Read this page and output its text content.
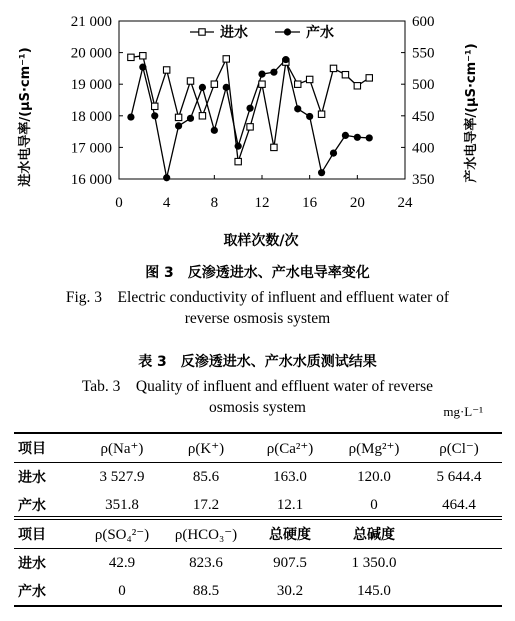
0	4	8 12 16 20 24
16 000
17 000
18 000
19 000
20 000
21 000
350
400
450
500
550
600
进水	产水
取样次数/次
进水电导率/(μS·cm⁻¹)	产水电导率/(μS·cm⁻¹)
图 3　反渗透进水、产水电导率变化
Fig. 3　Electric conductivity of influent and effluent water of
reverse osmosis system
表 3　反渗透进水、产水水质测试结果
Tab. 3　Quality of influent and effluent water of reverse
osmosis system	mg·L⁻¹
项目	ρ(Na⁺)	ρ(K⁺)	ρ(Ca²⁺)	ρ(Mg²⁺)	ρ(Cl⁻)
进水	3 527.9	85.6	163.0	120.0	5 644.4
产水	351.8	17.2	12.1	0	464.4
项目	ρ(SO₄²⁻)	ρ(HCO₃⁻)	总硬度	总碱度	
进水	42.9	823.6	907.5	1 350.0	
产水	0	88.5	30.2	145.0	
